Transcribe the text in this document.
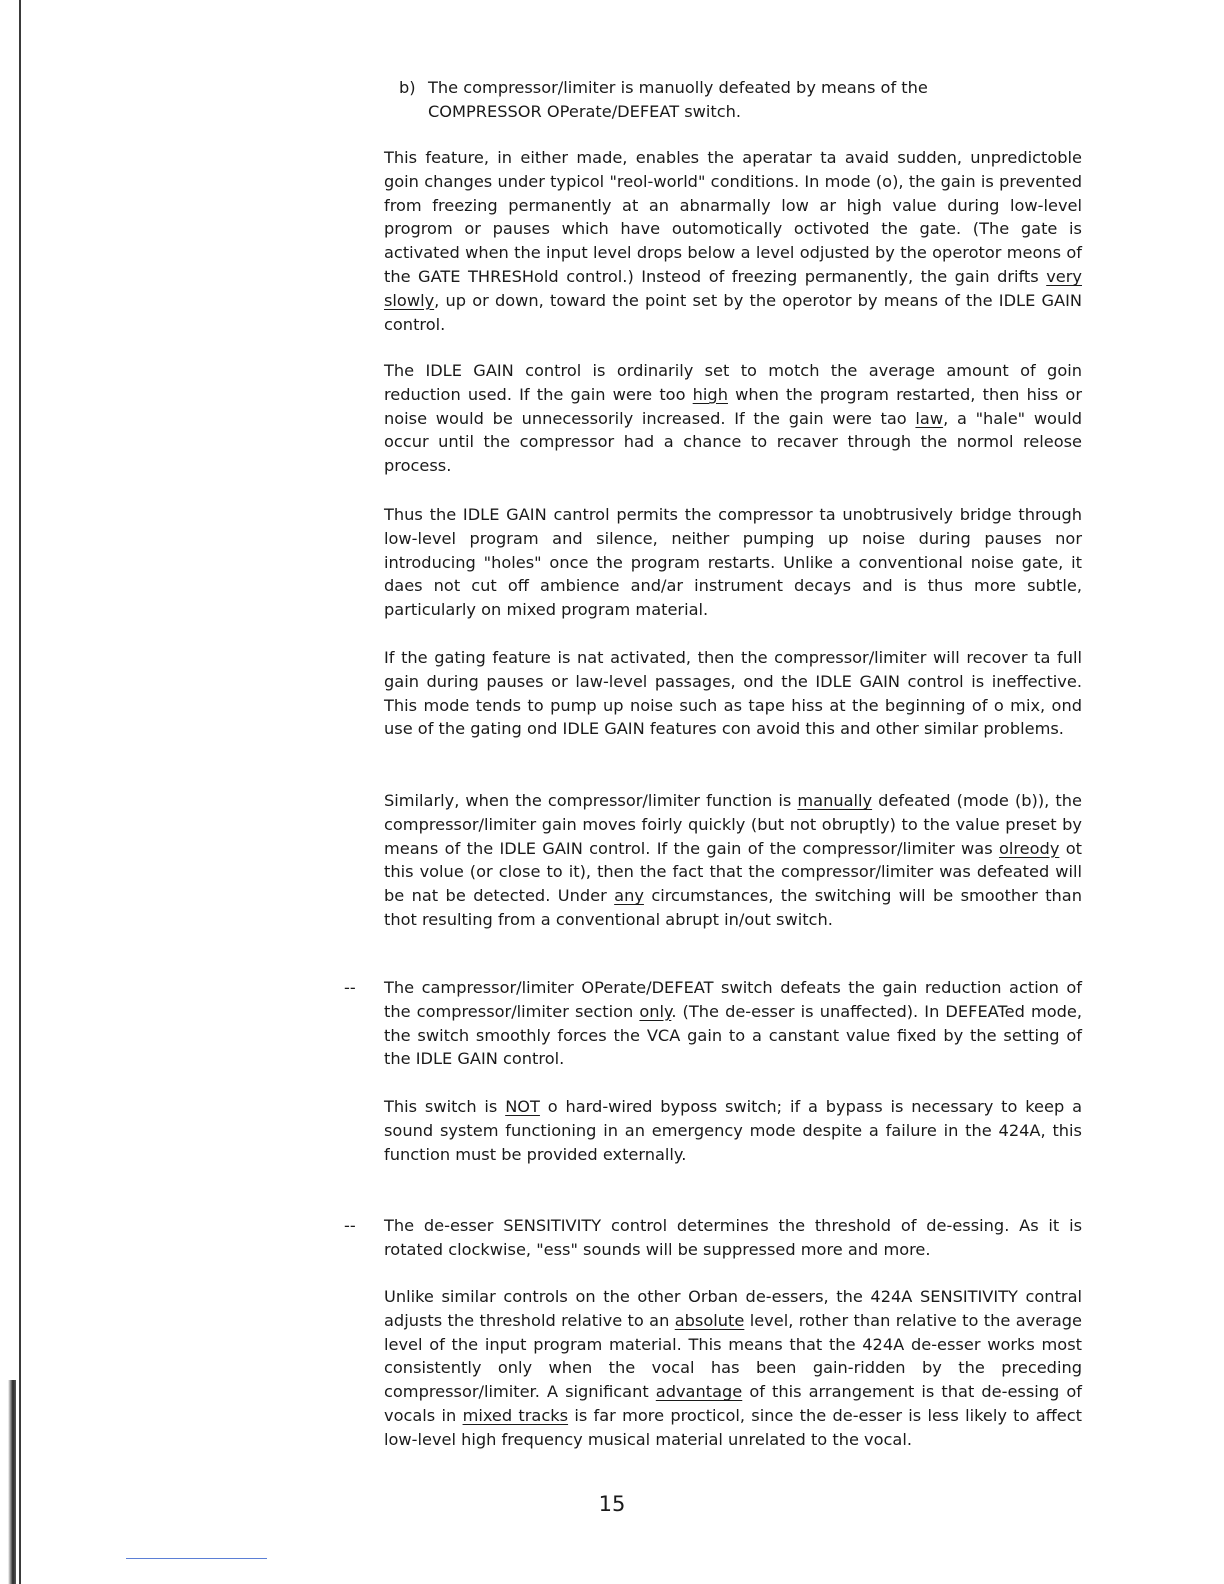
b) The compressor/limiter is manuolly defeated by means of the
COMPRESSOR OPerate/DEFEAT switch.

This feature, in either made, enables the aperatar ta avaid sudden, unpredictoble goin changes under typicol "reol-world" conditions. In mode (o), the gain is prevented from freezing permanently at an abnarmally low ar high value during low-level progrom or pauses which have outomotically octivoted the gate. (The gate is activated when the input level drops below a level odjusted by the operotor meons of the GATE THRESHold control.) Insteod of freezing permanently, the gain drifts very slowly, up or down, toward the point set by the operotor by means of the IDLE GAIN control.

The IDLE GAIN control is ordinarily set to motch the average amount of goin reduction used. If the gain were too high when the program restarted, then hiss or noise would be unnecessorily increased. If the gain were tao law, a "hale" would occur until the compressor had a chance to recaver through the normol releose process.

Thus the IDLE GAIN cantrol permits the compressor ta unobtrusively bridge through low-level program and silence, neither pumping up noise during pauses nor introducing "holes" once the program restarts. Unlike a conventional noise gate, it daes not cut off ambience and/ar instrument decays and is thus more subtle, particularly on mixed program material.

If the gating feature is nat activated, then the compressor/limiter will recover ta full gain during pauses or law-level passages, ond the IDLE GAIN control is ineffective. This mode tends to pump up noise such as tape hiss at the beginning of o mix, ond use of the gating ond IDLE GAIN features con avoid this and other similar problems.

Similarly, when the compressor/limiter function is manually defeated (mode (b)), the compressor/limiter gain moves foirly quickly (but not obruptly) to the value preset by means of the IDLE GAIN control. If the gain of the compressor/limiter was olreody ot this volue (or close to it), then the fact that the compressor/limiter was defeated will be nat be detected. Under any circumstances, the switching will be smoother than thot resulting from a conventional abrupt in/out switch.

-- The campressor/limiter OPerate/DEFEAT switch defeats the gain reduction action of the compressor/limiter section only. (The de-esser is unaffected). In DEFEATed mode, the switch smoothly forces the VCA gain to a canstant value fixed by the setting of the IDLE GAIN control.

This switch is NOT o hard-wired byposs switch; if a bypass is necessary to keep a sound system functioning in an emergency mode despite a failure in the 424A, this function must be provided externally.

-- The de-esser SENSITIVITY control determines the threshold of de-essing. As it is rotated clockwise, "ess" sounds will be suppressed more and more.

Unlike similar controls on the other Orban de-essers, the 424A SENSITIVITY contral adjusts the threshold relative to an absolute level, rother than relative to the average level of the input program material. This means that the 424A de-esser works most consistently only when the vocal has been gain-ridden by the preceding compressor/limiter. A significant advantage of this arrangement is that de-essing of vocals in mixed tracks is far more procticol, since the de-esser is less likely to affect low-level high frequency musical material unrelated to the vocal.

15
